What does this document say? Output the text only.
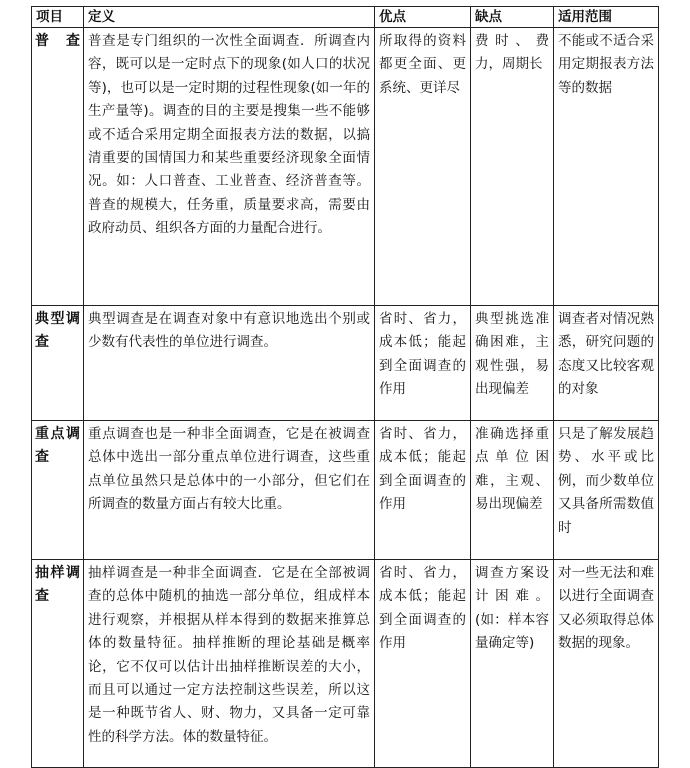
项目	定义	优点	缺点	适用范围

普查	普查是专门组织的一次性全面调查．所调查内容，既可以是一定时点下的现象(如人口的状况等)，也可以是一定时期的过程性现象(如一年的生产量等)。调查的目的主要是搜集一些不能够或不适合采用定期全面报表方法的数据，以搞清重要的国情国力和某些重要经济现象全面情况。如：人口普查、工业普查、经济普查等。普查的规模大，任务重，质量要求高，需要由政府动员、组织各方面的力量配合进行。	所取得的资料都更全面、更系统、更详尽	费时、费力，周期长	不能或不适合采用定期报表方法等的数据

典型调查	典型调查是在调查对象中有意识地选出个别或少数有代表性的单位进行调查。	省时、省力，成本低；能起到全面调查的作用	典型挑选准确困难，主观性强，易出现偏差	调查者对情况熟悉，研究问题的态度又比较客观的对象

重点调查	重点调查也是一种非全面调查，它是在被调查总体中选出一部分重点单位进行调查，这些重点单位虽然只是总体中的一小部分，但它们在所调查的数量方面占有较大比重。	省时、省力，成本低；能起到全面调查的作用	准确选择重点单位困难，主观、易出现偏差	只是了解发展趋势、水平或比例，而少数单位又具备所需数值时

抽样调查	抽样调查是一种非全面调查．它是在全部被调查的总体中随机的抽选一部分单位，组成样本进行观察，并根据从样本得到的数据来推算总体的数量特征。抽样推断的理论基础是概率论，它不仅可以估计出抽样推断误差的大小，而且可以通过一定方法控制这些误差，所以这是一种既节省人、财、物力，又具备一定可靠性的科学方法。体的数量特征。	省时、省力，成本低；能起到全面调查的作用	调查方案设计困难。(如：样本容量确定等)	对一些无法和难以进行全面调查又必须取得总体数据的现象。
